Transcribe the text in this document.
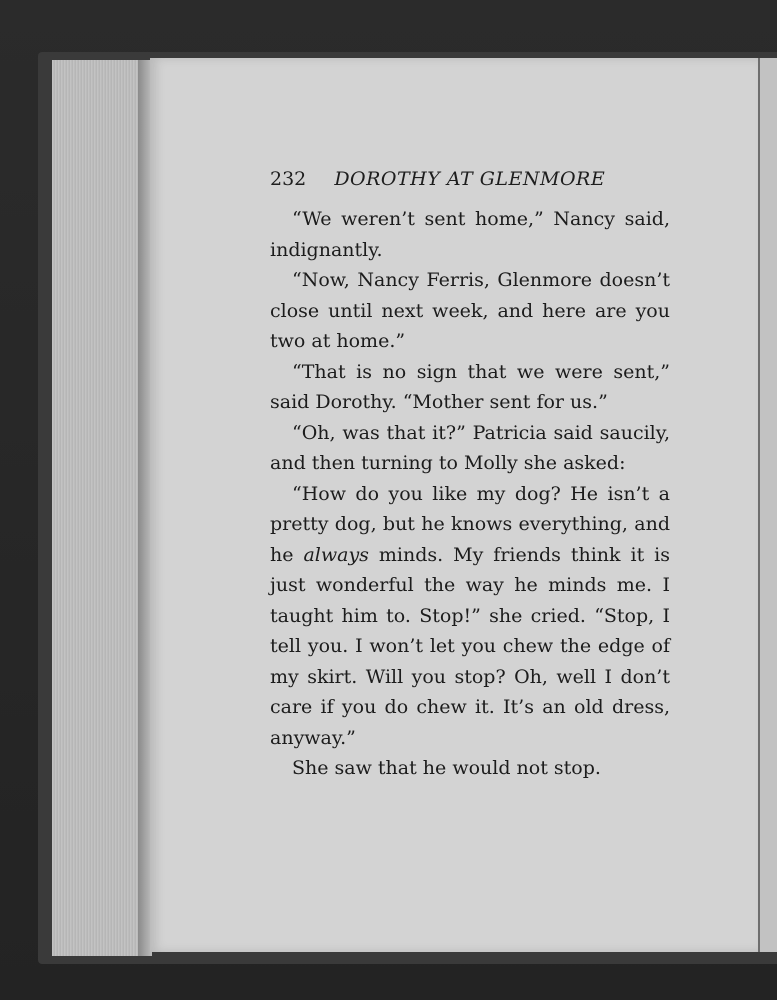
232 DOROTHY AT GLENMORE

“We weren’t sent home,” Nancy said, indignantly.

“Now, Nancy Ferris, Glenmore doesn’t close until next week, and here are you two at home.”

“That is no sign that we were sent,” said Dorothy. “Mother sent for us.”

“Oh, was that it?” Patricia said saucily, and then turning to Molly she asked:

“How do you like my dog? He isn’t a pretty dog, but he knows everything, and he always minds. My friends think it is just wonderful the way he minds me. I taught him to. Stop!” she cried. “Stop, I tell you. I won’t let you chew the edge of my skirt. Will you stop? Oh, well I don’t care if you do chew it. It’s an old dress, anyway.”

She saw that he would not stop.
